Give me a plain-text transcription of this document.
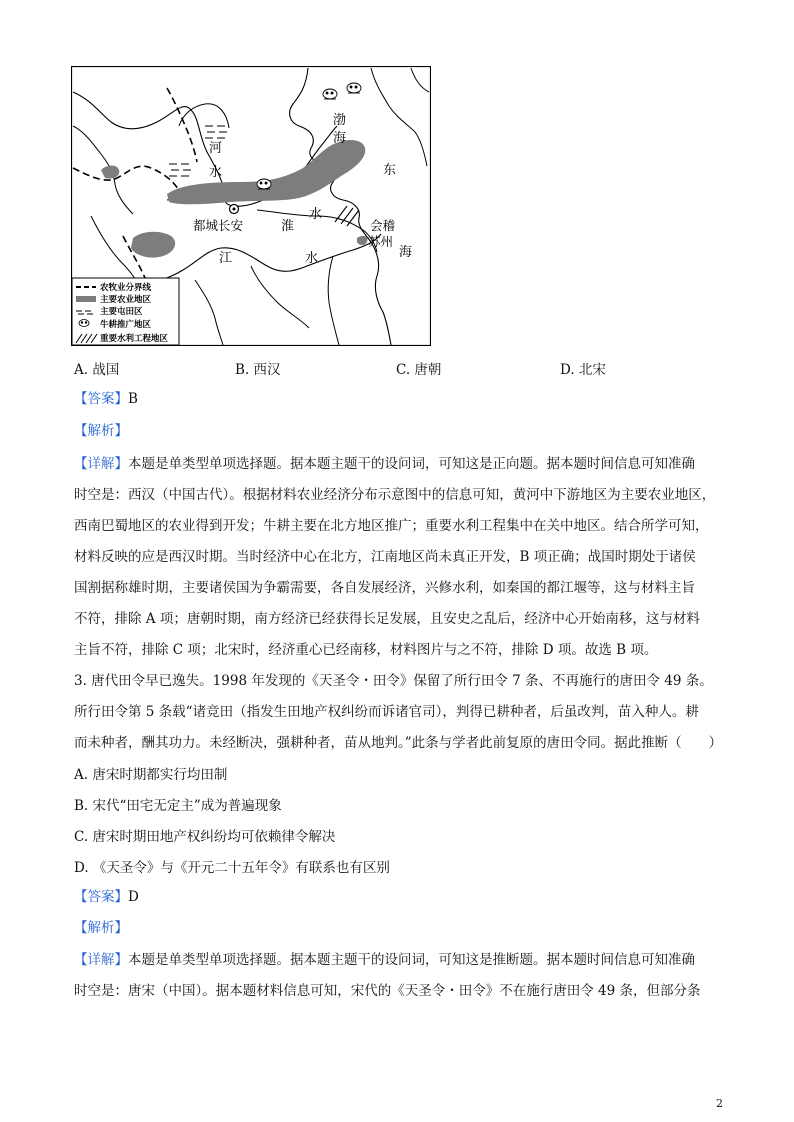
渤
海
东
海
河
水
淮
水
江	水
都城长安	会稽
苏州
农牧业分界线
主要农业地区
主要屯田区
牛耕推广地区
重要水利工程地区
A. 战国	B. 西汉	C. 唐朝	D. 北宋
【答案】B
【解析】
【详解】本题是单类型单项选择题。据本题主题干的设问词，可知这是正向题。据本题时间信息可知准确
时空是：西汉（中国古代）。根据材料农业经济分布示意图中的信息可知，黄河中下游地区为主要农业地区，
西南巴蜀地区的农业得到开发；牛耕主要在北方地区推广；重要水利工程集中在关中地区。结合所学可知，
材料反映的应是西汉时期。当时经济中心在北方，江南地区尚未真正开发，B 项正确；战国时期处于诸侯
国割据称雄时期，主要诸侯国为争霸需要，各自发展经济，兴修水利，如秦国的都江堰等，这与材料主旨
不符，排除 A 项；唐朝时期，南方经济已经获得长足发展，且安史之乱后，经济中心开始南移，这与材料
主旨不符，排除 C 项；北宋时，经济重心已经南移，材料图片与之不符，排除 D 项。故选 B 项。
3. 唐代田令早已逸失。1998 年发现的《天圣令・田令》保留了所行田令 7 条、不再施行的唐田令 49 条。
所行田令第 5 条载“诸竞田（指发生田地产权纠纷而诉诸官司），判得已耕种者，后虽改判，苗入种人。耕
而未种者，酬其功力。未经断决，强耕种者，苗从地判。”此条与学者此前复原的唐田令同。据此推断（　　）
A. 唐宋时期都实行均田制
B. 宋代“田宅无定主”成为普遍现象
C. 唐宋时期田地产权纠纷均可依赖律令解决
D. 《天圣令》与《开元二十五年令》有联系也有区别
【答案】D
【解析】
【详解】本题是单类型单项选择题。据本题主题干的设问词，可知这是推断题。据本题时间信息可知准确
时空是：唐宋（中国）。据本题材料信息可知，宋代的《天圣令・田令》不在施行唐田令 49 条，但部分条
2
